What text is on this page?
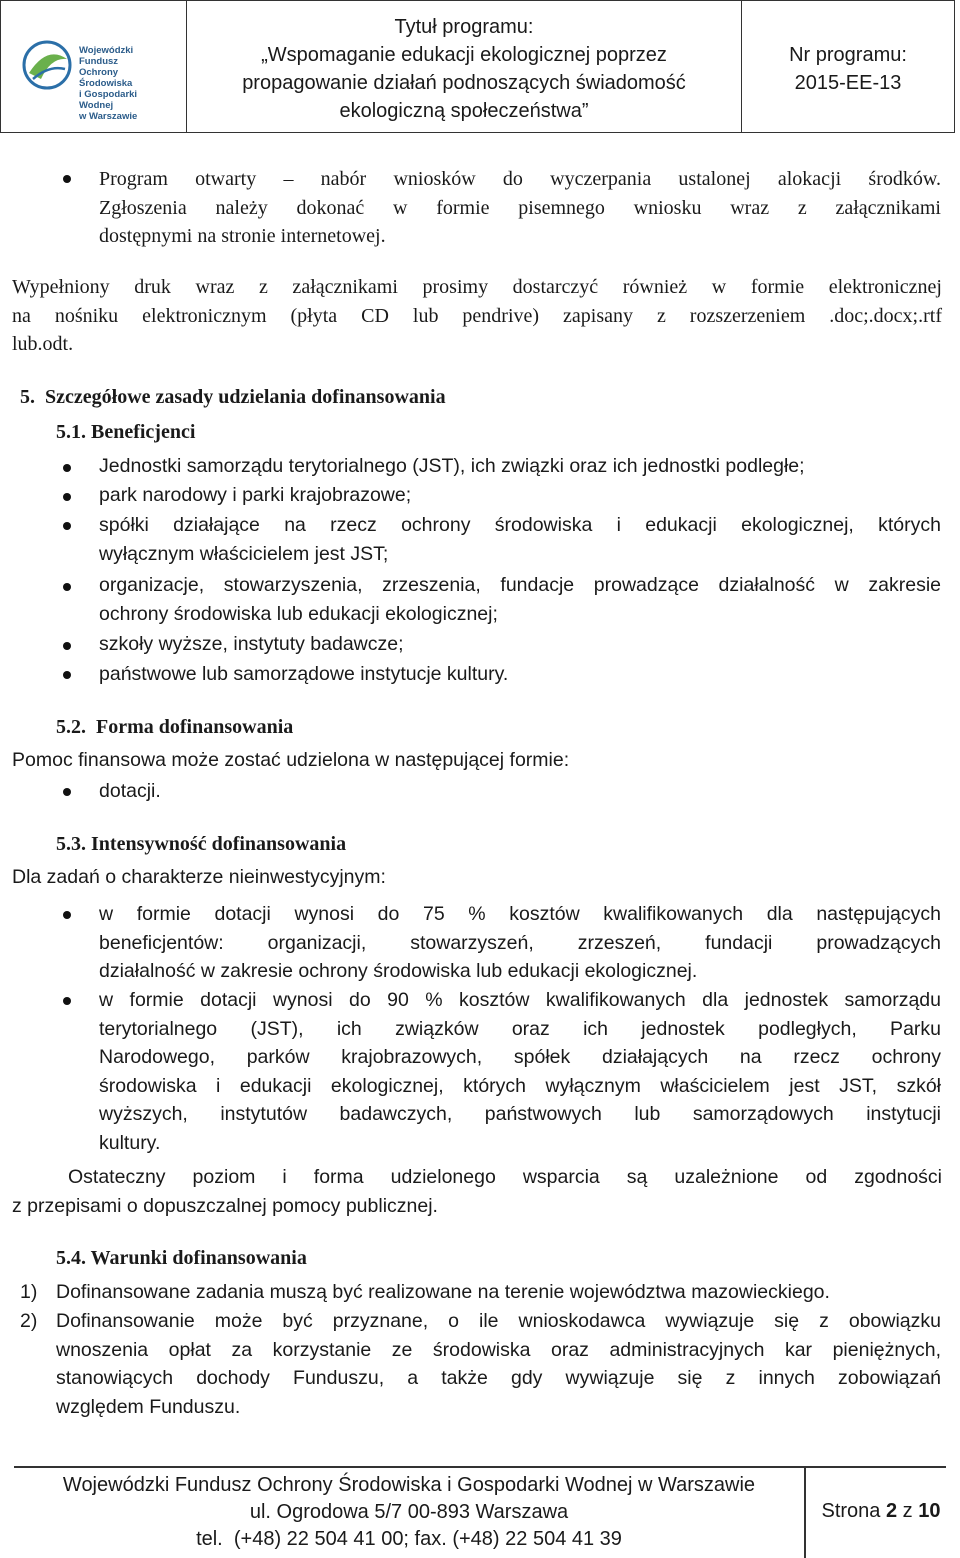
Wojewódzki Fundusz
Ochrony Środowiska
i Gospodarki Wodnej
w Warszawie
Tytuł programu:
„Wspomaganie edukacji ekologicznej poprzez
propagowanie działań podnoszących świadomość
ekologiczną społeczeństwa”
Nr programu:
2015-EE-13
Program otwarty – nabór wniosków do wyczerpania ustalonej alokacji środków.
Zgłoszenia należy dokonać w formie pisemnego wniosku wraz z załącznikami
dostępnymi na stronie internetowej.
Wypełniony druk wraz z załącznikami prosimy dostarczyć również w formie elektronicznej
na nośniku elektronicznym (płyta CD lub pendrive) zapisany z rozszerzeniem .doc;.docx;.rtf
lub.odt.
5.  Szczegółowe zasady udzielania dofinansowania
5.1. Beneficjenci
Jednostki samorządu terytorialnego (JST), ich związki oraz ich jednostki podległe;
park narodowy i parki krajobrazowe;
spółki działające na rzecz ochrony środowiska i edukacji ekologicznej, których
wyłącznym właścicielem jest JST;
organizacje, stowarzyszenia, zrzeszenia, fundacje prowadzące działalność w zakresie
ochrony środowiska lub edukacji ekologicznej;
szkoły wyższe, instytuty badawcze;
państwowe lub samorządowe instytucje kultury.
5.2.  Forma dofinansowania
Pomoc finansowa może zostać udzielona w następującej formie:
dotacji.
5.3. Intensywność dofinansowania
Dla zadań o charakterze nieinwestycyjnym:
w formie dotacji wynosi do 75 % kosztów kwalifikowanych dla następujących
beneficjentów: organizacji, stowarzyszeń, zrzeszeń, fundacji prowadzących
działalność w zakresie ochrony środowiska lub edukacji ekologicznej.
w formie dotacji wynosi do 90 % kosztów kwalifikowanych dla jednostek samorządu
terytorialnego (JST), ich związków oraz ich jednostek podległych, Parku
Narodowego, parków krajobrazowych, spółek działających na rzecz ochrony
środowiska i edukacji ekologicznej, których wyłącznym właścicielem jest JST, szkół
wyższych, instytutów badawczych, państwowych lub samorządowych instytucji
kultury.
Ostateczny poziom i forma udzielonego wsparcia są uzależnione od zgodności
z przepisami o dopuszczalnej pomocy publicznej.
5.4. Warunki dofinansowania
1) Dofinansowane zadania muszą być realizowane na terenie województwa mazowieckiego.
2) Dofinansowanie może być przyznane, o ile wnioskodawca wywiązuje się z obowiązku
wnoszenia opłat za korzystanie ze środowiska oraz administracyjnych kar pieniężnych,
stanowiących dochody Funduszu, a także gdy wywiązuje się z innych zobowiązań
względem Funduszu.
Wojewódzki Fundusz Ochrony Środowiska i Gospodarki Wodnej w Warszawie
ul. Ogrodowa 5/7 00-893 Warszawa
tel.  (+48) 22 504 41 00; fax. (+48) 22 504 41 39
Strona 2 z 10
